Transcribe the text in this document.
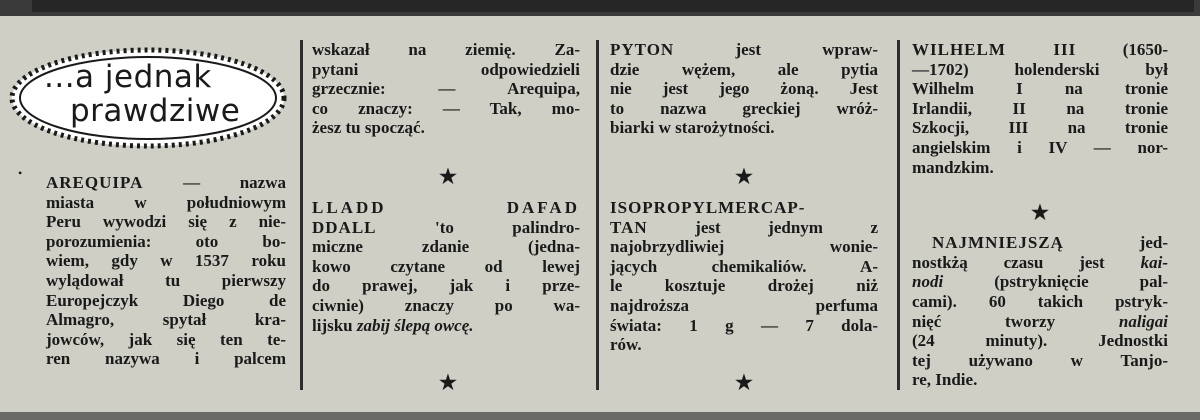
...a jednak
prawdziwe
• AREQUIPA — nazwa

miasta w południowym

Peru wywodzi się z nie-

porozumienia: oto bo-

wiem, gdy w 1537 roku

wylądował tu pierwszy

Europejczyk Diego de

Almagro, spytał kra-

jowców, jak się ten te-

ren nazywa i palcem

wskazał na ziemię. Za-

pytani odpowiedzieli

grzecznie: — Arequipa,

co znaczy: — Tak, mo-

żesz tu spocząć.

LLADD DAFAD

DDALL	'to palindro-

miczne zdanie (jedna-

kowo czytane od lewej

do prawej, jak i prze-

ciwnie) znaczy po wa-

lijsku zabij ślepą owcę.

★
★

PYTON	jest wpraw-

dzie wężem, ale pytia

nie jest jego żoną. Jest

to nazwa greckiej wróż-

biarki w starożytności.

ISOPROPYLMERCAP-

TAN	jest jednym z

najobrzydliwiej wonie-

jących chemikaliów. A-

le kosztuje drożej niż

najdroższa perfuma

świata: 1 g — 7 dola-

rów.

★
★

WILHELM III	(1650-

—1702) holenderski był

Wilhelm I na tronie

Irlandii, II na tronie

Szkocji, III na tronie

angielskim i IV — nor-

mandzkim.

NAJMNIEJSZĄ	jed-

nostkżą czasu jest kai-

nodi	(pstryknięcie pal-

cami). 60 takich pstryk-

nięć tworzy	naligai

(24 minuty). Jednostki

tej używano w Tanjo-

re, Indie.

★
